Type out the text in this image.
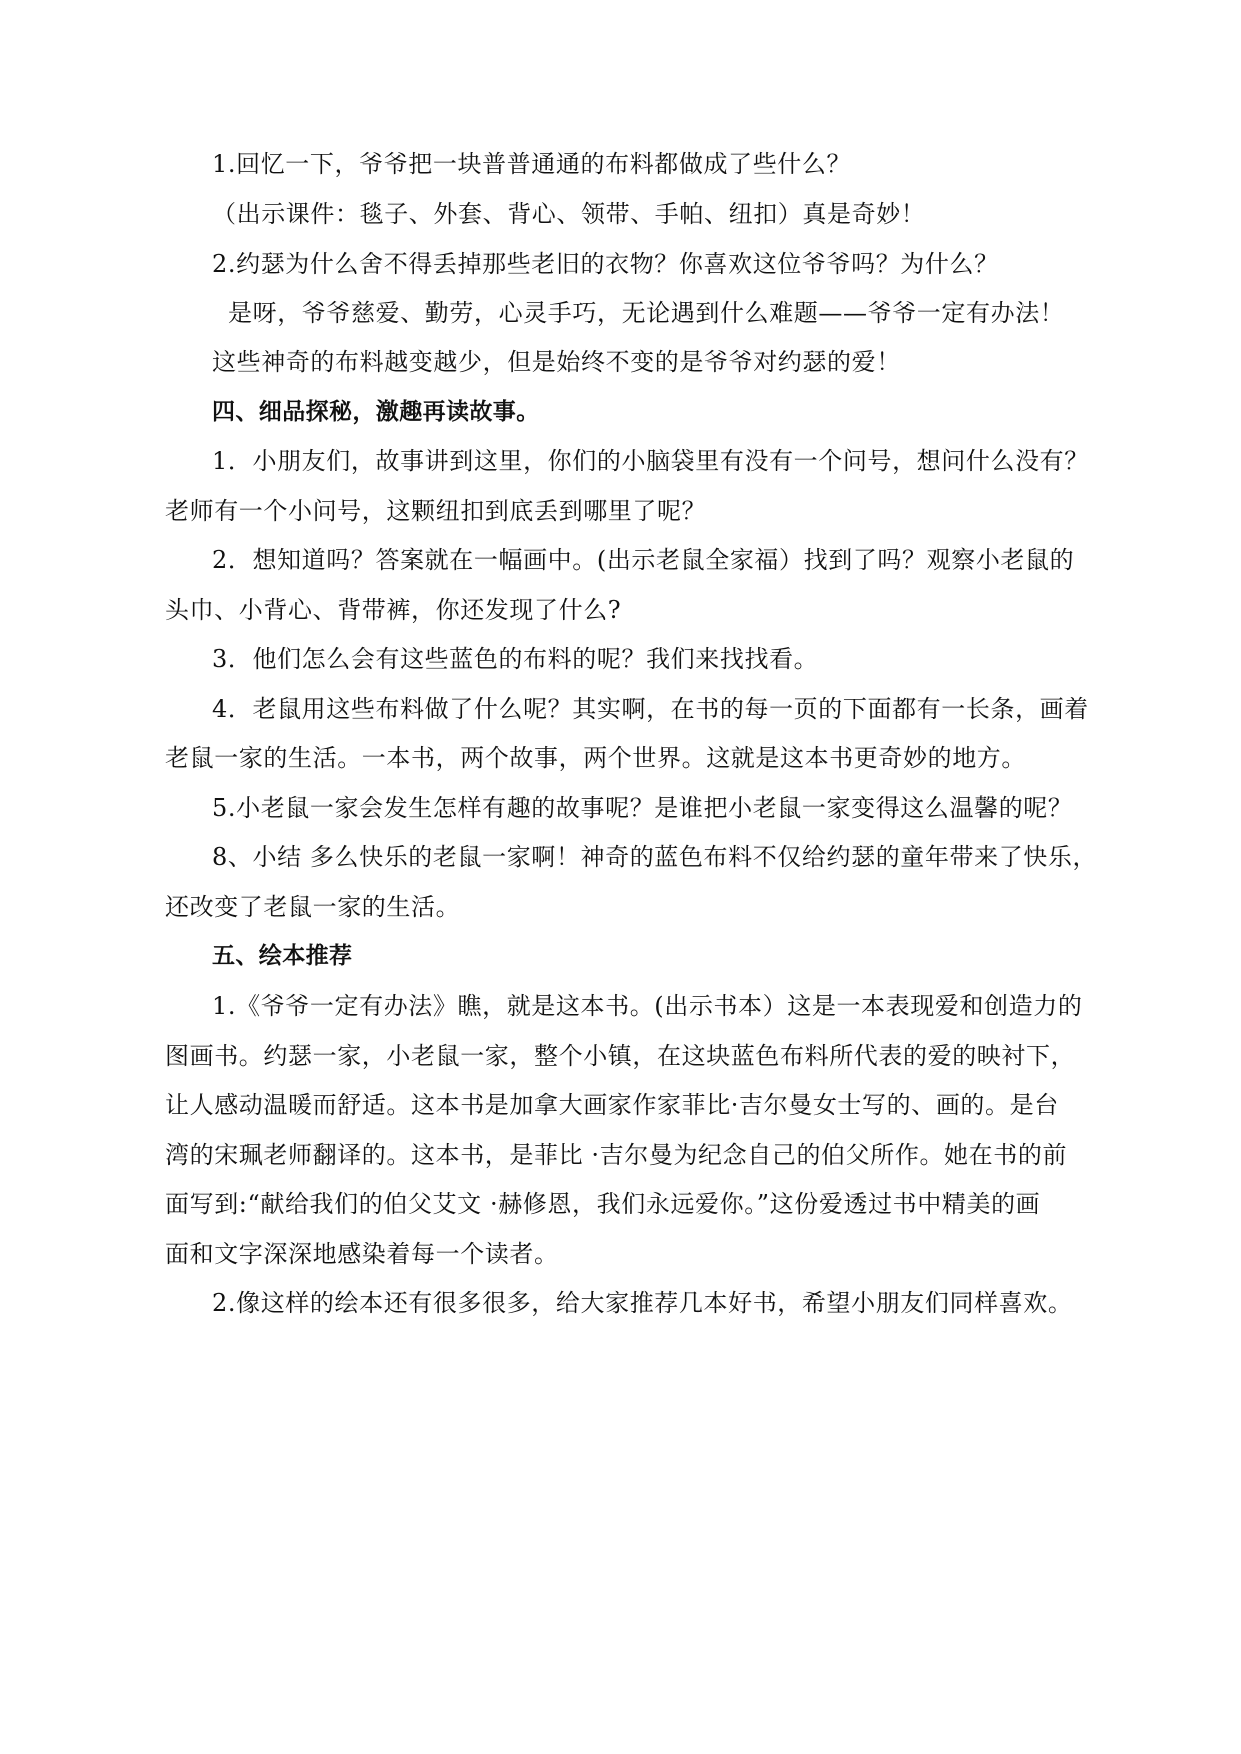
1.回忆一下，爷爷把一块普普通通的布料都做成了些什么？
（出示课件：毯子、外套、背心、领带、手帕、纽扣）真是奇妙！
2.约瑟为什么舍不得丢掉那些老旧的衣物？你喜欢这位爷爷吗？为什么？
是呀，爷爷慈爱、勤劳，心灵手巧，无论遇到什么难题——爷爷一定有办法！
这些神奇的布料越变越少，但是始终不变的是爷爷对约瑟的爱！
四、细品探秘，激趣再读故事。
1．小朋友们，故事讲到这里，你们的小脑袋里有没有一个问号，想问什么没有？
老师有一个小问号，这颗纽扣到底丢到哪里了呢？
2．想知道吗？答案就在一幅画中。(出示老鼠全家福）找到了吗？观察小老鼠的
头巾、小背心、背带裤，你还发现了什么?
3．他们怎么会有这些蓝色的布料的呢？我们来找找看。
4．老鼠用这些布料做了什么呢？其实啊，在书的每一页的下面都有一长条，画着
老鼠一家的生活。一本书，两个故事，两个世界。这就是这本书更奇妙的地方。
5.小老鼠一家会发生怎样有趣的故事呢？是谁把小老鼠一家变得这么温馨的呢？
8、小结 多么快乐的老鼠一家啊！神奇的蓝色布料不仅给约瑟的童年带来了快乐，
还改变了老鼠一家的生活。
五、绘本推荐
1.《爷爷一定有办法》瞧，就是这本书。(出示书本）这是一本表现爱和创造力的
图画书。约瑟一家，小老鼠一家，整个小镇，在这块蓝色布料所代表的爱的映衬下，
让人感动温暖而舒适。这本书是加拿大画家作家菲比·吉尔曼女士写的、画的。是台
湾的宋珮老师翻译的。这本书，是菲比 ·吉尔曼为纪念自己的伯父所作。她在书的前
面写到:“献给我们的伯父艾文 ·赫修恩，我们永远爱你。”这份爱透过书中精美的画
面和文字深深地感染着每一个读者。
2.像这样的绘本还有很多很多，给大家推荐几本好书，希望小朋友们同样喜欢。
